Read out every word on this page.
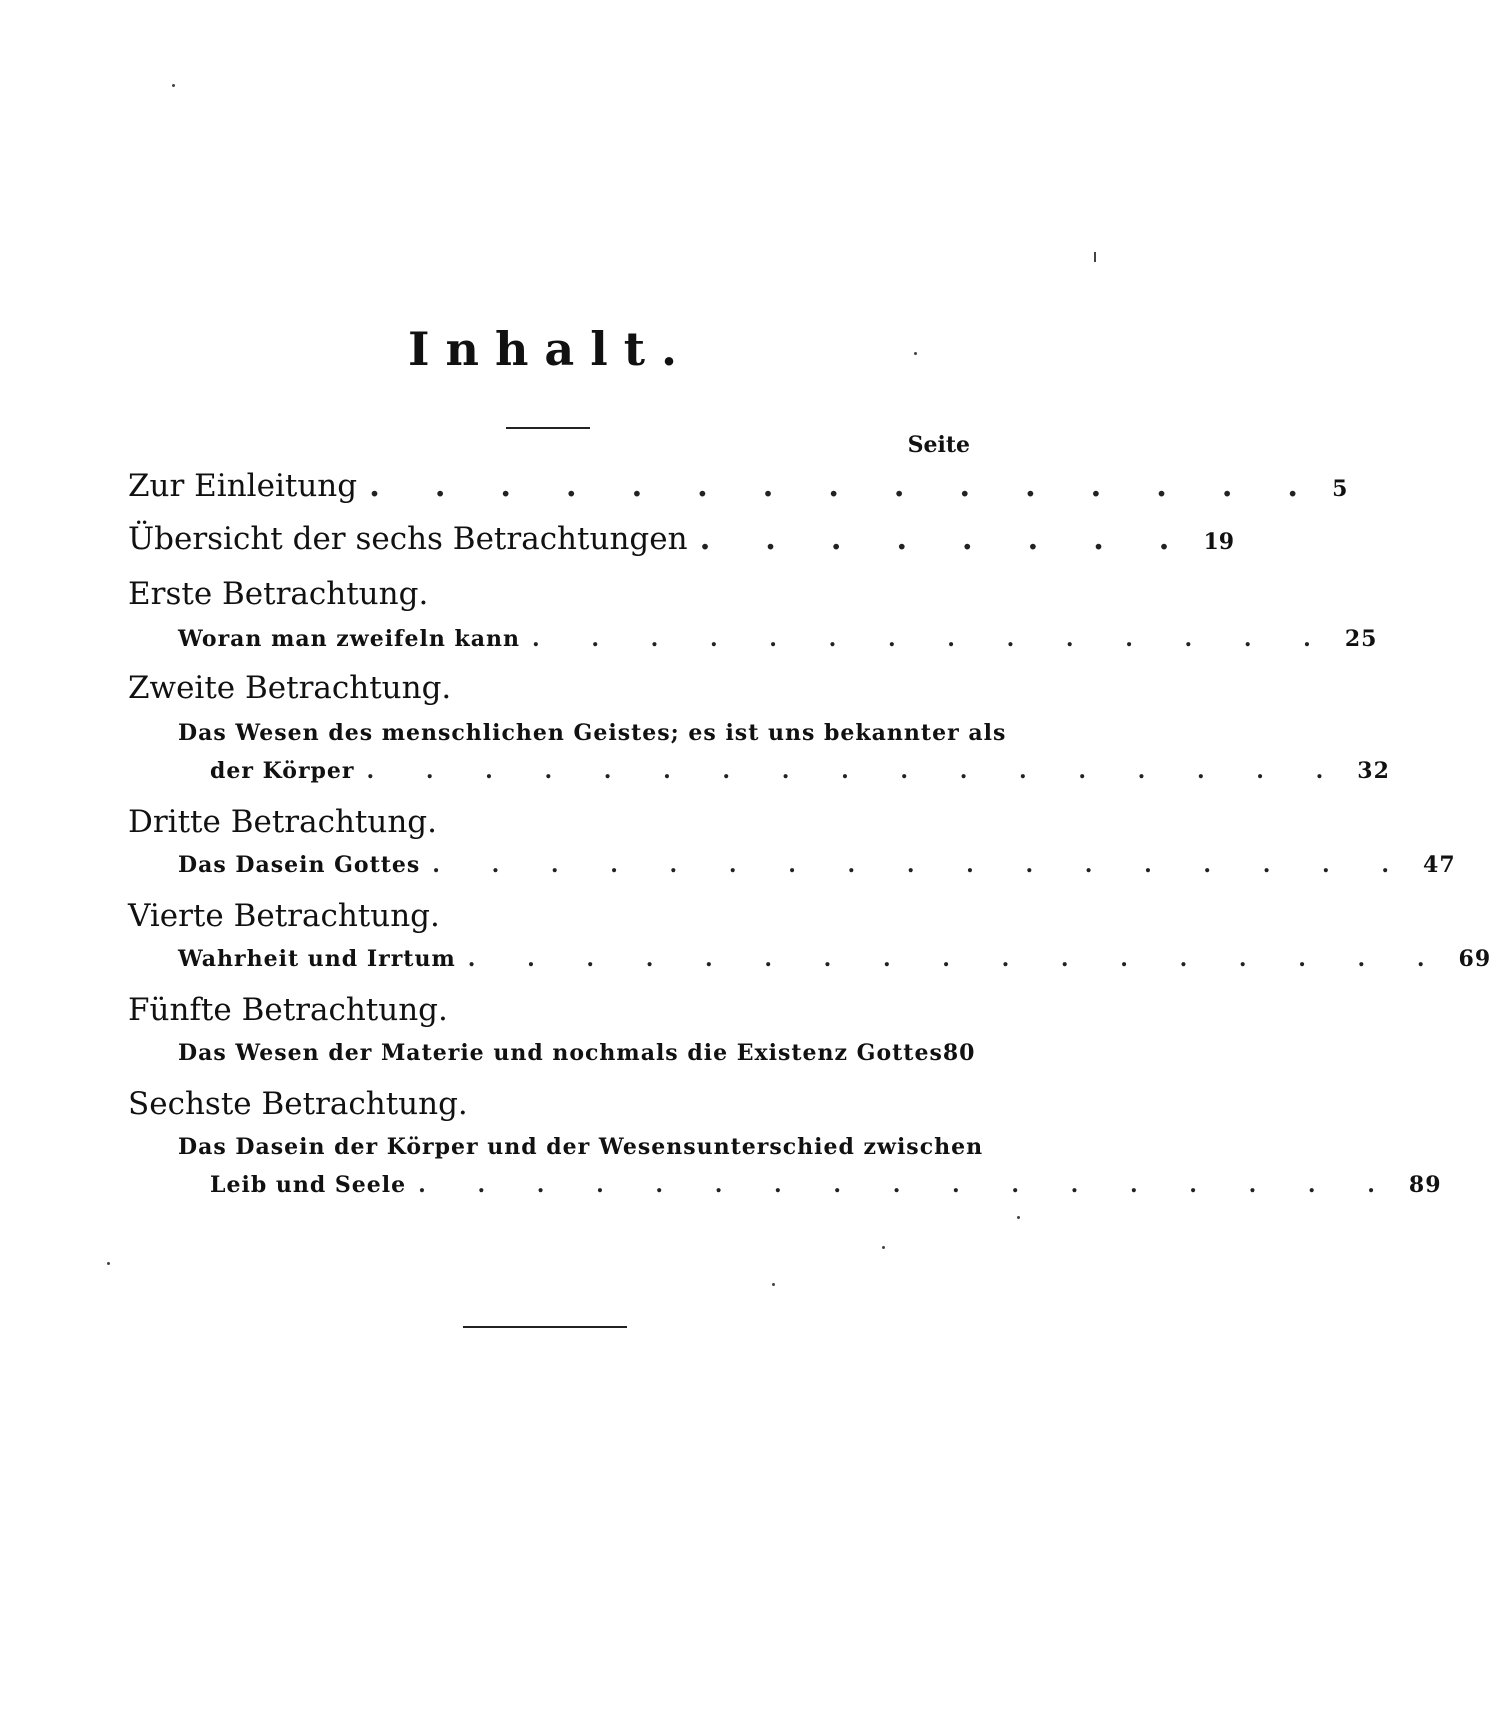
Inhalt.
Seite
Zur Einleitung . . . . . . . . . . . . . . . 5
Übersicht der sechs Betrachtungen . . . . . . . . 19
Erste Betrachtung.
Woran man zweifeln kann . . . . . . . . . . . . . . 25
Zweite Betrachtung.
Das Wesen des menschlichen Geistes; es ist uns bekannter als
der Körper . . . . . . . . . . . . . . . . . 32
Dritte Betrachtung.
Das Dasein Gottes . . . . . . . . . . . . . . . . . 47
Vierte Betrachtung.
Wahrheit und Irrtum . . . . . . . . . . . . . . . . . 69
Fünfte Betrachtung.
Das Wesen der Materie und nochmals die Existenz Gottes 80
Sechste Betrachtung.
Das Dasein der Körper und der Wesensunterschied zwischen
Leib und Seele . . . . . . . . . . . . . . . . . 89
